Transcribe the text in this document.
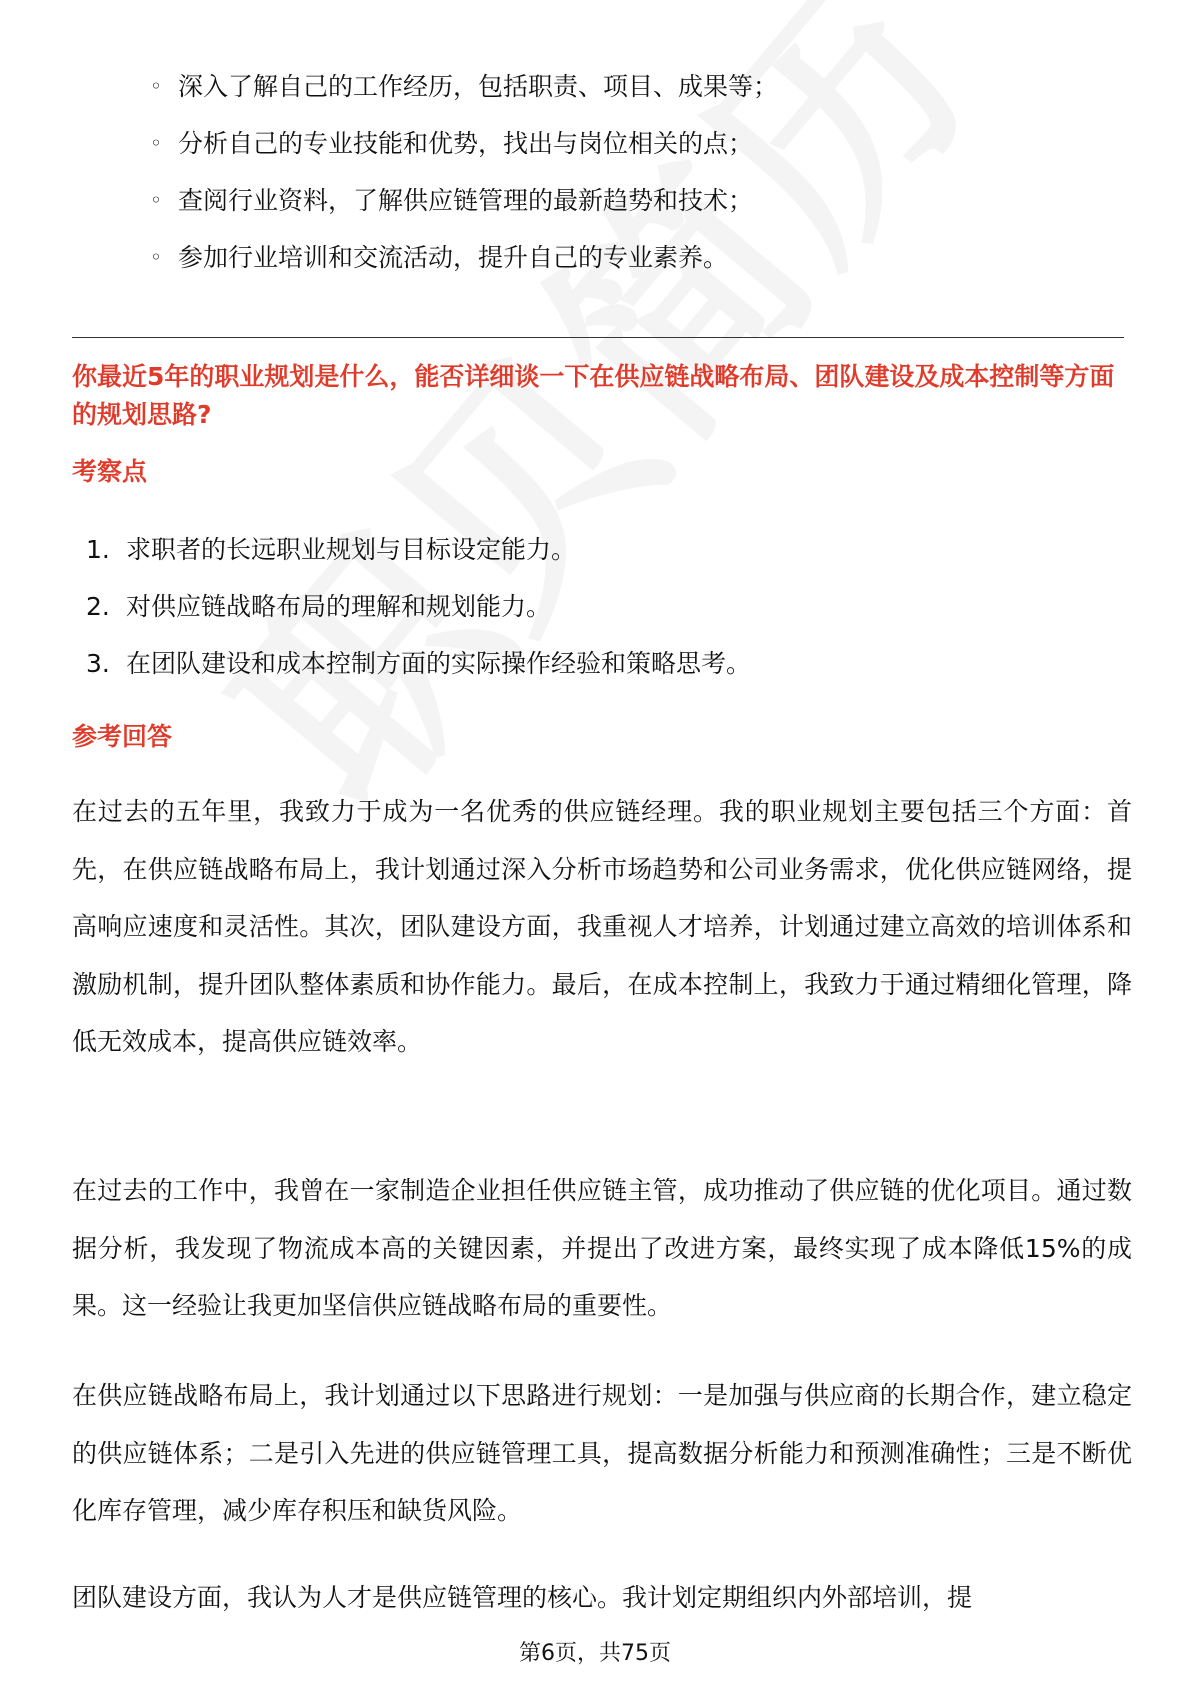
◦ 深入了解自己的工作经历，包括职责、项目、成果等；
◦ 分析自己的专业技能和优势，找出与岗位相关的点；
◦ 查阅行业资料，了解供应链管理的最新趋势和技术；
◦ 参加行业培训和交流活动，提升自己的专业素养。
你最近5年的职业规划是什么，能否详细谈一下在供应链战略布局、团队建设及成本控制等方面的规划思路?
考察点
1. 求职者的长远职业规划与目标设定能力。
2. 对供应链战略布局的理解和规划能力。
3. 在团队建设和成本控制方面的实际操作经验和策略思考。
参考回答

在过去的五年里，我致力于成为一名优秀的供应链经理。我的职业规划主要包括三个方面：首先，在供应链战略布局上，我计划通过深入分析市场趋势和公司业务需求，优化供应链网络，提高响应速度和灵活性。其次，团队建设方面，我重视人才培养，计划通过建立高效的培训体系和激励机制，提升团队整体素质和协作能力。最后，在成本控制上，我致力于通过精细化管理，降低无效成本，提高供应链效率。

在过去的工作中，我曾在一家制造企业担任供应链主管，成功推动了供应链的优化项目。通过数据分析，我发现了物流成本高的关键因素，并提出了改进方案，最终实现了成本降低15%的成果。这一经验让我更加坚信供应链战略布局的重要性。

在供应链战略布局上，我计划通过以下思路进行规划：一是加强与供应商的长期合作，建立稳定的供应链体系；二是引入先进的供应链管理工具，提高数据分析能力和预测准确性；三是不断优化库存管理，减少库存积压和缺货风险。

团队建设方面，我认为人才是供应链管理的核心。我计划定期组织内外部培训，提

第6页，共75页
